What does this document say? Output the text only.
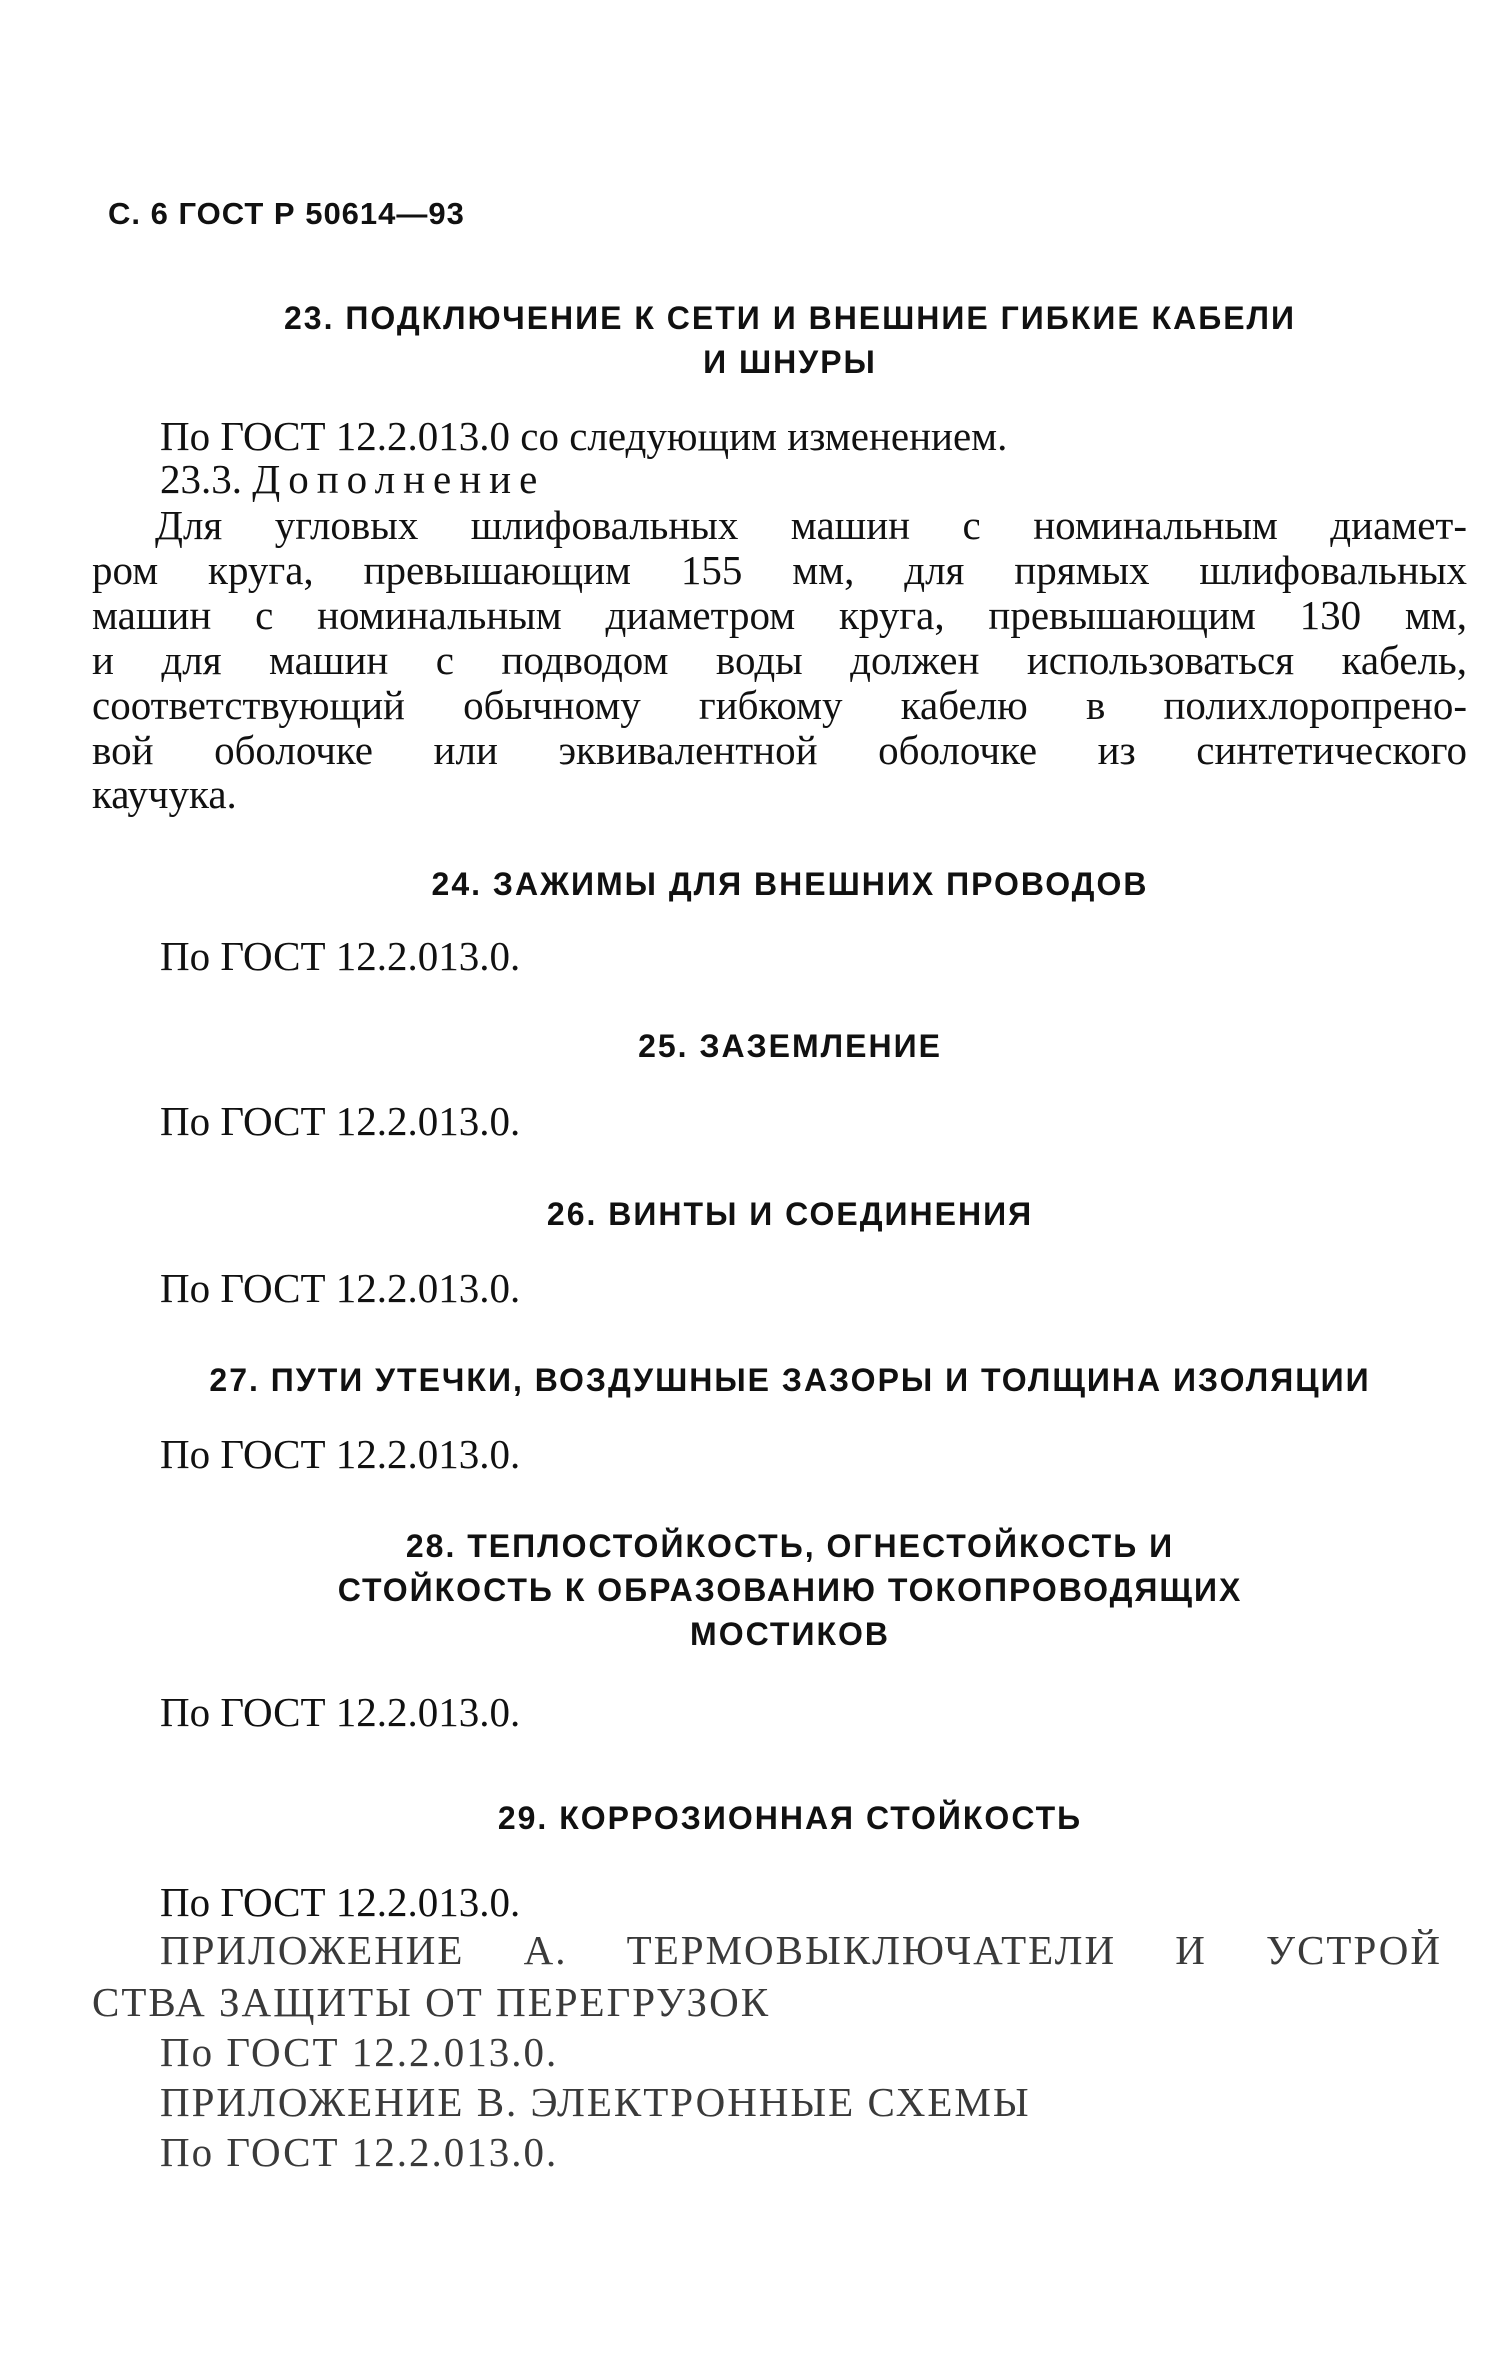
С. 6 ГОСТ Р 50614—93
23. ПОДКЛЮЧЕНИЕ К СЕТИ И ВНЕШНИЕ ГИБКИЕ КАБЕЛИ
И ШНУРЫ
По ГОСТ 12.2.013.0 со следующим изменением.
23.3. Дополнение
Для угловых шлифовальных машин с номинальным диамет-
ром круга, превышающим 155 мм, для прямых шлифовальных
машин с номинальным диаметром круга, превышающим 130 мм,
и для машин с подводом воды должен использоваться кабель,
соответствующий обычному гибкому кабелю в полихлоропрено-
вой оболочке или эквивалентной оболочке из синтетического
каучука.
24. ЗАЖИМЫ ДЛЯ ВНЕШНИХ ПРОВОДОВ
По ГОСТ 12.2.013.0.
25. ЗАЗЕМЛЕНИЕ
По ГОСТ 12.2.013.0.
26. ВИНТЫ И СОЕДИНЕНИЯ
По ГОСТ 12.2.013.0.
27. ПУТИ УТЕЧКИ, ВОЗДУШНЫЕ ЗАЗОРЫ И ТОЛЩИНА ИЗОЛЯЦИИ
По ГОСТ 12.2.013.0.
28. ТЕПЛОСТОЙКОСТЬ, ОГНЕСТОЙКОСТЬ И
СТОЙКОСТЬ К ОБРАЗОВАНИЮ ТОКОПРОВОДЯЩИХ
МОСТИКОВ
По ГОСТ 12.2.013.0.
29. КОРРОЗИОННАЯ СТОЙКОСТЬ
По ГОСТ 12.2.013.0.
ПРИЛОЖЕНИЕ А. ТЕРМОВЫКЛЮЧАТЕЛИ И УСТРОЙ
СТВА ЗАЩИТЫ ОТ ПЕРЕГРУЗОК
По ГОСТ 12.2.013.0.
ПРИЛОЖЕНИЕ В. ЭЛЕКТРОННЫЕ СХЕМЫ
По ГОСТ 12.2.013.0.
